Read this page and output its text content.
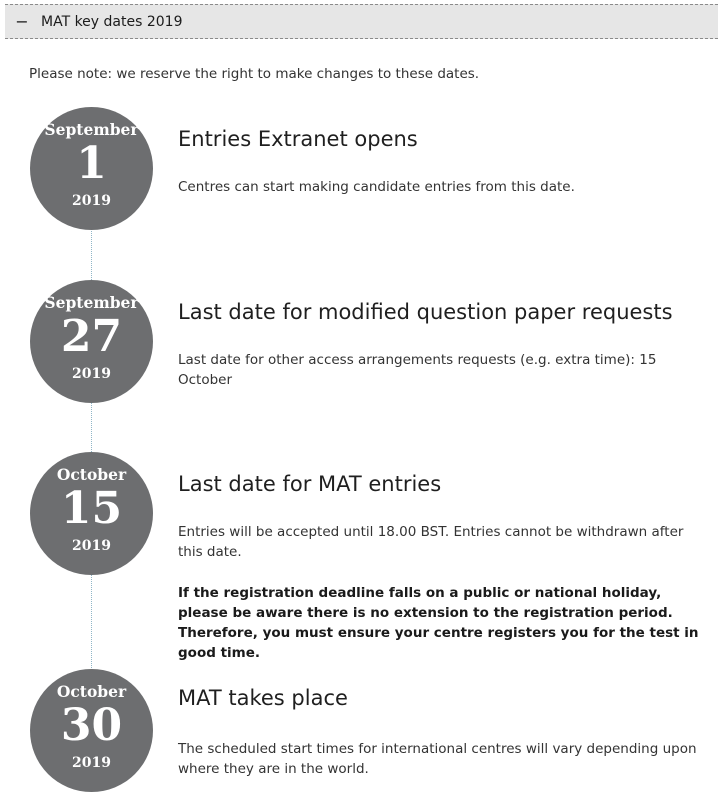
− MAT key dates 2019
Please note: we reserve the right to make changes to these dates.
September
1
2019
Entries Extranet opens
Centres can start making candidate entries from this date.
September
27
2019
Last date for modified question paper requests
Last date for other access arrangements requests (e.g. extra time): 15 October
October
15
2019
Last date for MAT entries
Entries will be accepted until 18.00 BST. Entries cannot be withdrawn after this date.
If the registration deadline falls on a public or national holiday, please be aware there is no extension to the registration period. Therefore, you must ensure your centre registers you for the test in good time.
October
30
2019
MAT takes place
The scheduled start times for international centres will vary depending upon where they are in the world.
